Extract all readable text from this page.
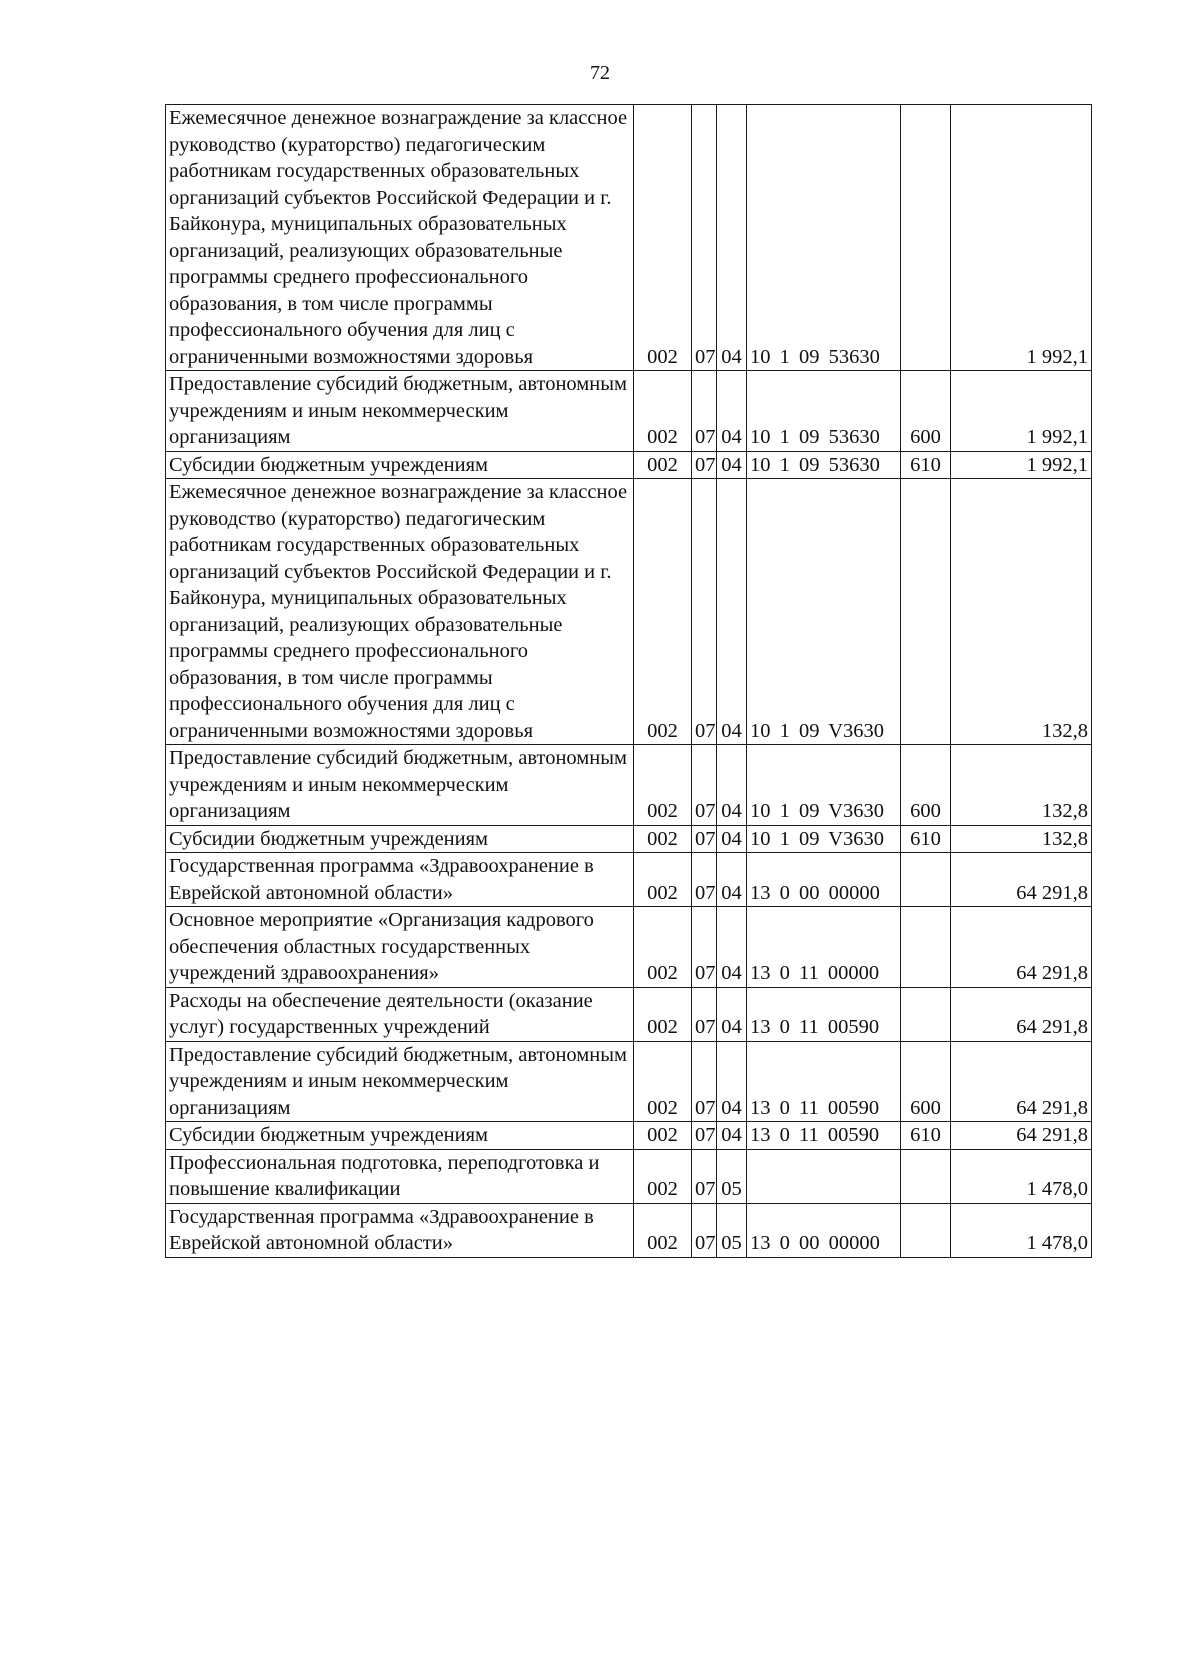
72
Ежемесячное денежное вознаграждение за классное руководство (кураторство) педагогическим работникам государственных образовательных организаций субъектов Российской Федерации и г. Байконура, муниципальных образовательных организаций, реализующих образовательные программы среднего профессионального образования, в том числе программы профессионального обучения для лиц с ограниченными возможностями здоровья	002	07	04	10 1 09 53630		1 992,1
Предоставление субсидий бюджетным, автономным учреждениям и иным некоммерческим организациям	002	07	04	10 1 09 53630	600	1 992,1
Субсидии бюджетным учреждениям	002	07	04	10 1 09 53630	610	1 992,1
Ежемесячное денежное вознаграждение за классное руководство (кураторство) педагогическим работникам государственных образовательных организаций субъектов Российской Федерации и г. Байконура, муниципальных образовательных организаций, реализующих образовательные программы среднего профессионального образования, в том числе программы профессионального обучения для лиц с ограниченными возможностями здоровья	002	07	04	10 1 09 V3630		132,8
Предоставление субсидий бюджетным, автономным учреждениям и иным некоммерческим организациям	002	07	04	10 1 09 V3630	600	132,8
Субсидии бюджетным учреждениям	002	07	04	10 1 09 V3630	610	132,8
Государственная программа «Здравоохранение в Еврейской автономной области»	002	07	04	13 0 00 00000		64 291,8
Основное мероприятие «Организация кадрового обеспечения областных государственных учреждений здравоохранения»	002	07	04	13 0 11 00000		64 291,8
Расходы на обеспечение деятельности (оказание услуг) государственных учреждений	002	07	04	13 0 11 00590		64 291,8
Предоставление субсидий бюджетным, автономным учреждениям и иным некоммерческим организациям	002	07	04	13 0 11 00590	600	64 291,8
Субсидии бюджетным учреждениям	002	07	04	13 0 11 00590	610	64 291,8
Профессиональная подготовка, переподготовка и повышение квалификации	002	07	05			1 478,0
Государственная программа «Здравоохранение в Еврейской автономной области»	002	07	05	13 0 00 00000		1 478,0
